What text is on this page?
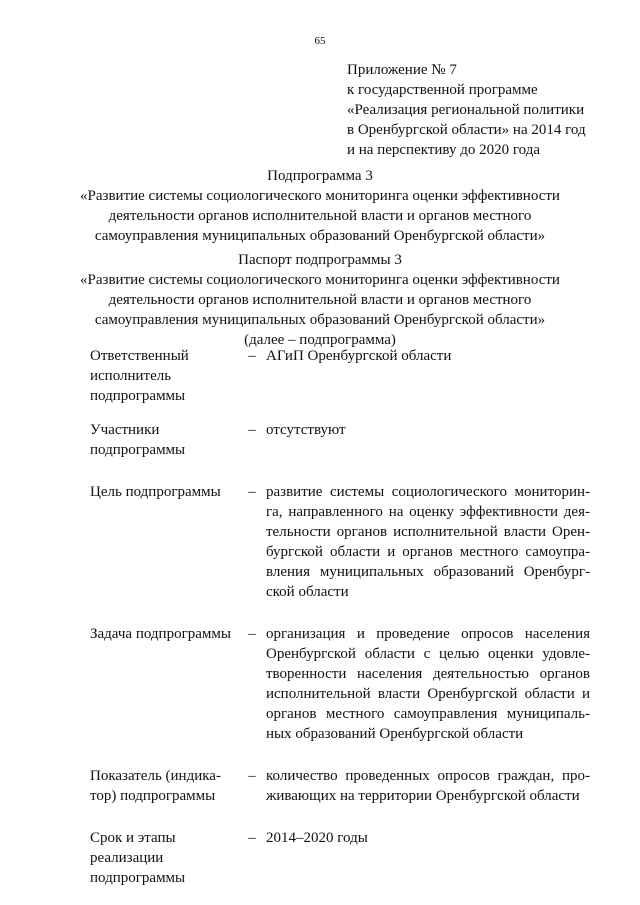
65
Приложение № 7
к государственной программе
«Реализация региональной политики
в Оренбургской области» на 2014 год
и на перспективу до 2020 года
Подпрограмма 3
«Развитие системы социологического мониторинга оценки эффективности
деятельности органов исполнительной власти и органов местного
самоуправления муниципальных образований Оренбургской области»
Паспорт подпрограммы 3
«Развитие системы социологического мониторинга оценки эффективности
деятельности органов исполнительной власти и органов местного
самоуправления муниципальных образований Оренбургской области»
(далее – подпрограмма)
Ответственный
исполнитель
подпрограммы
– АГиП Оренбургской области
Участники
подпрограммы
– отсутствуют
Цель подпрограммы	– развитие системы социологического мониторин-
га, направленного на оценку эффективности дея-
тельности органов исполнительной власти Орен-
бургской области и органов местного самоупра-
вления муниципальных образований Оренбург-
ской области
Задача подпрограммы	– организация и проведение опросов населения
Оренбургской области с целью оценки удовле-
творенности населения деятельностью органов
исполнительной власти Оренбургской области и
органов местного самоуправления муниципаль-
ных образований Оренбургской области
Показатель (индика-
тор) подпрограммы
– количество проведенных опросов граждан, про-
живающих на территории Оренбургской области
Срок и этапы
реализации
подпрограммы
– 2014–2020 годы
